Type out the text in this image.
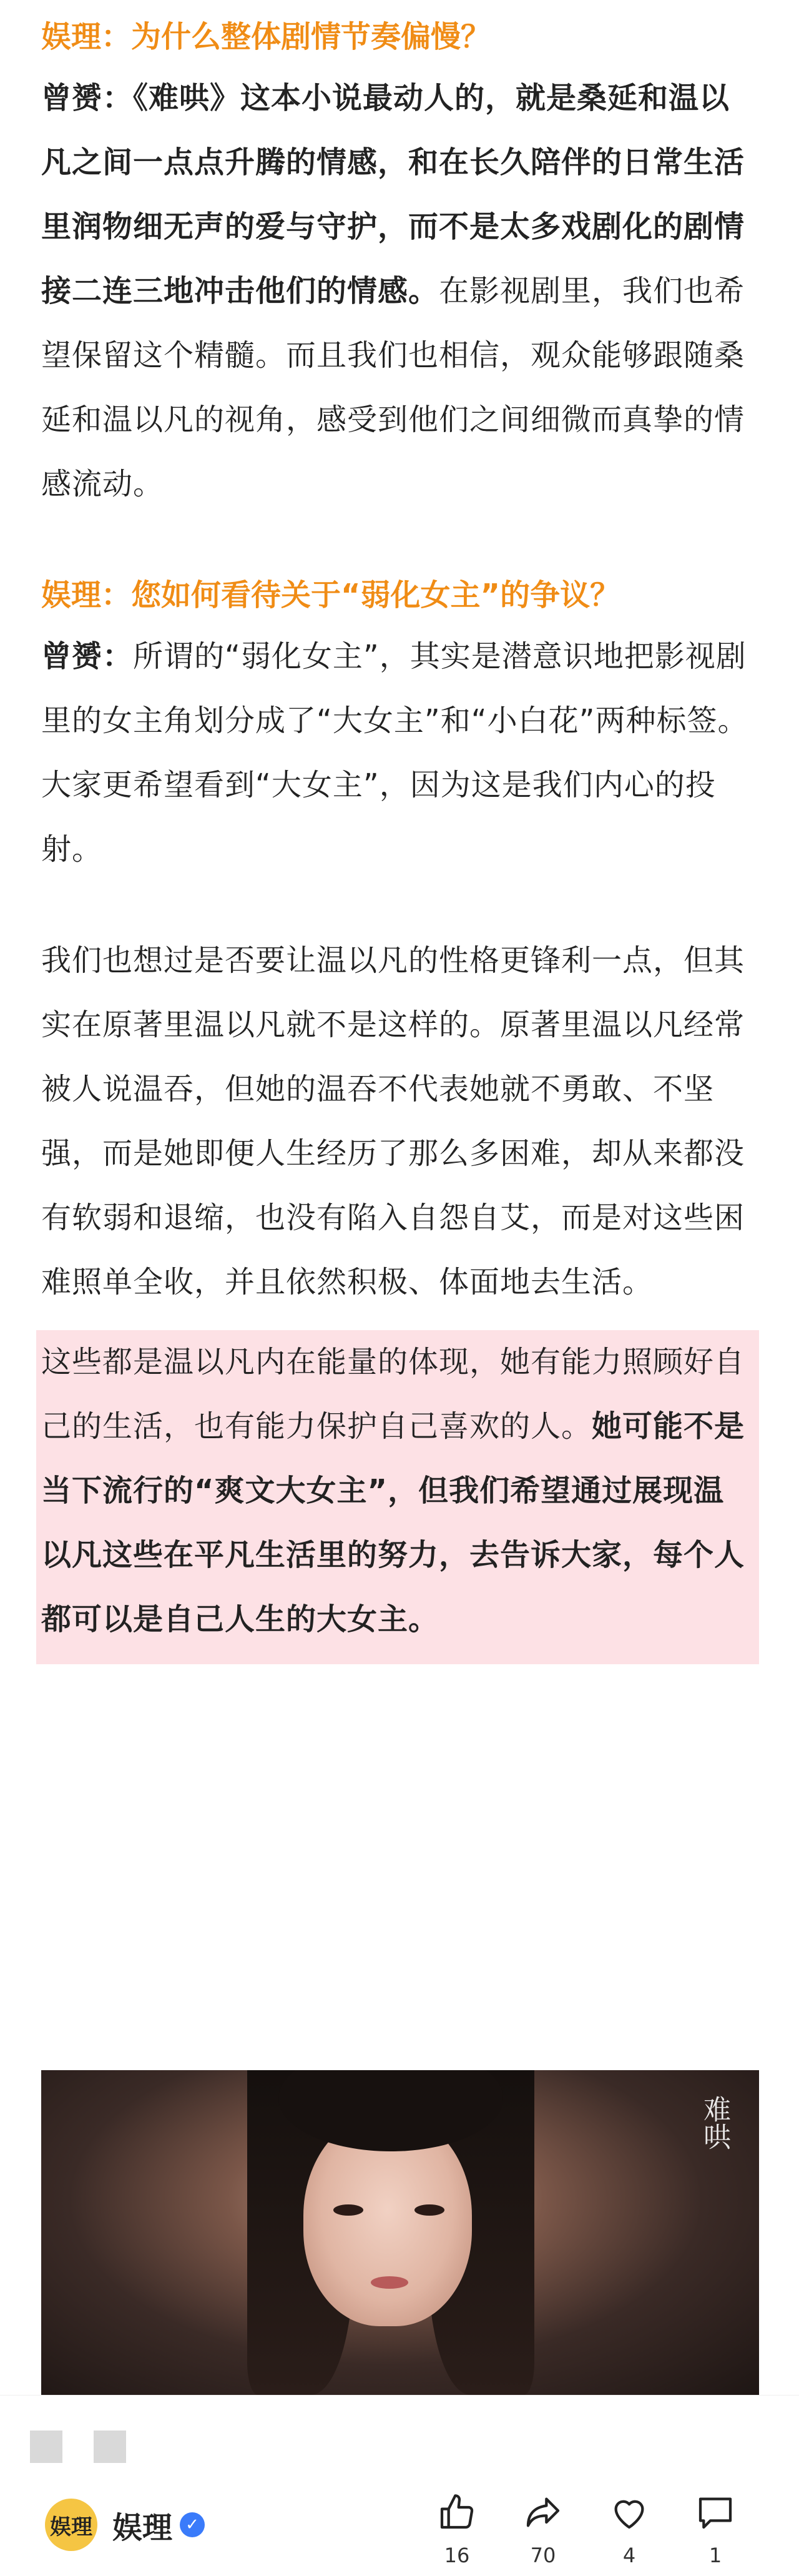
娱理：为什么整体剧情节奏偏慢？

曾赟：《难哄》这本小说最动人的，就是桑延和温以凡之间一点点升腾的情感，和在长久陪伴的日常生活里润物细无声的爱与守护，而不是太多戏剧化的剧情接二连三地冲击他们的情感。在影视剧里，我们也希望保留这个精髓。而且我们也相信，观众能够跟随桑延和温以凡的视角，感受到他们之间细微而真挚的情感流动。

娱理：您如何看待关于“弱化女主”的争议？

曾赟：所谓的“弱化女主”，其实是潜意识地把影视剧里的女主角划分成了“大女主”和“小白花”两种标签。大家更希望看到“大女主”，因为这是我们内心的投射。

我们也想过是否要让温以凡的性格更锋利一点，但其实在原著里温以凡就不是这样的。原著里温以凡经常被人说温吞，但她的温吞不代表她就不勇敢、不坚强，而是她即便人生经历了那么多困难，却从来都没有软弱和退缩，也没有陷入自怨自艾，而是对这些困难照单全收，并且依然积极、体面地去生活。

这些都是温以凡内在能量的体现，她有能力照顾好自己的生活，也有能力保护自己喜欢的人。她可能不是当下流行的“爽文大女主”，但我们希望通过展现温以凡这些在平凡生活里的努力，去告诉大家，每个人都可以是自己人生的大女主。

难哄
娱理 娱理 ✓
16	70	4	1
